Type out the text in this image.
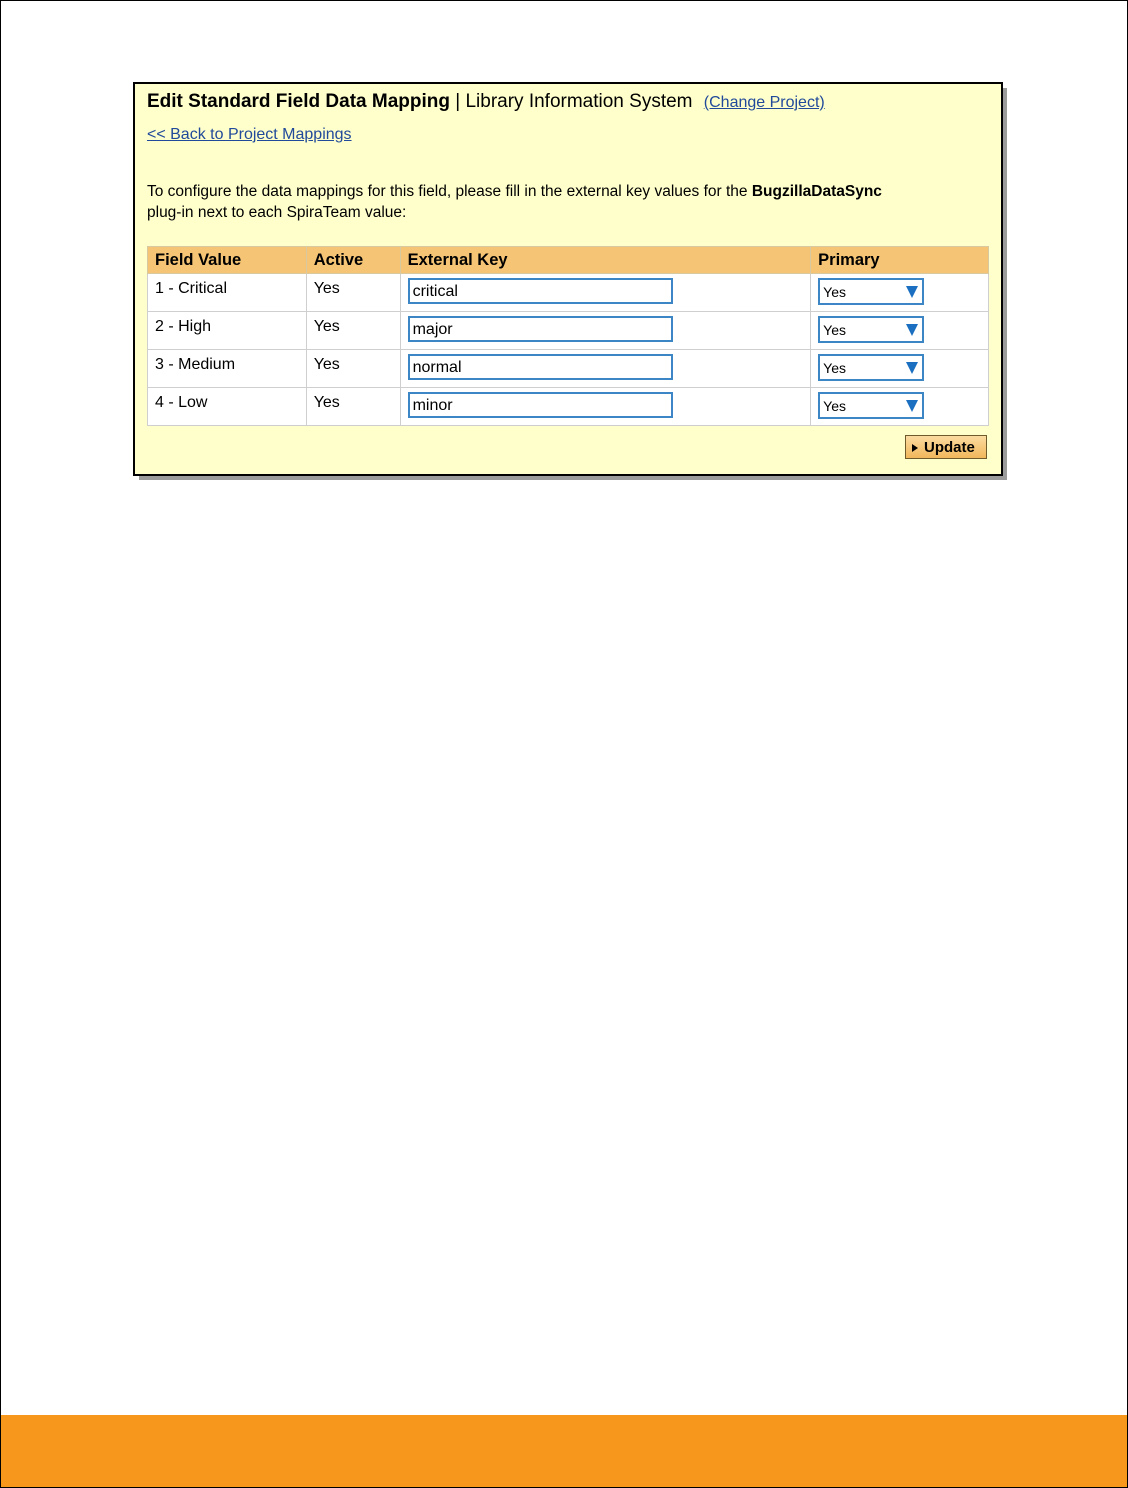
Edit Standard Field Data Mapping | Library Information System (Change Project)
<< Back to Project Mappings
To configure the data mappings for this field, please fill in the external key values for the BugzillaDataSync
plug-in next to each SpiraTeam value:
Field Value	Active	External Key	Primary
1 - Critical	Yes	critical	Yes

2 - High	Yes	major	Yes

3 - Medium	Yes	normal	Yes

4 - Low	Yes	minor	Yes
Update
